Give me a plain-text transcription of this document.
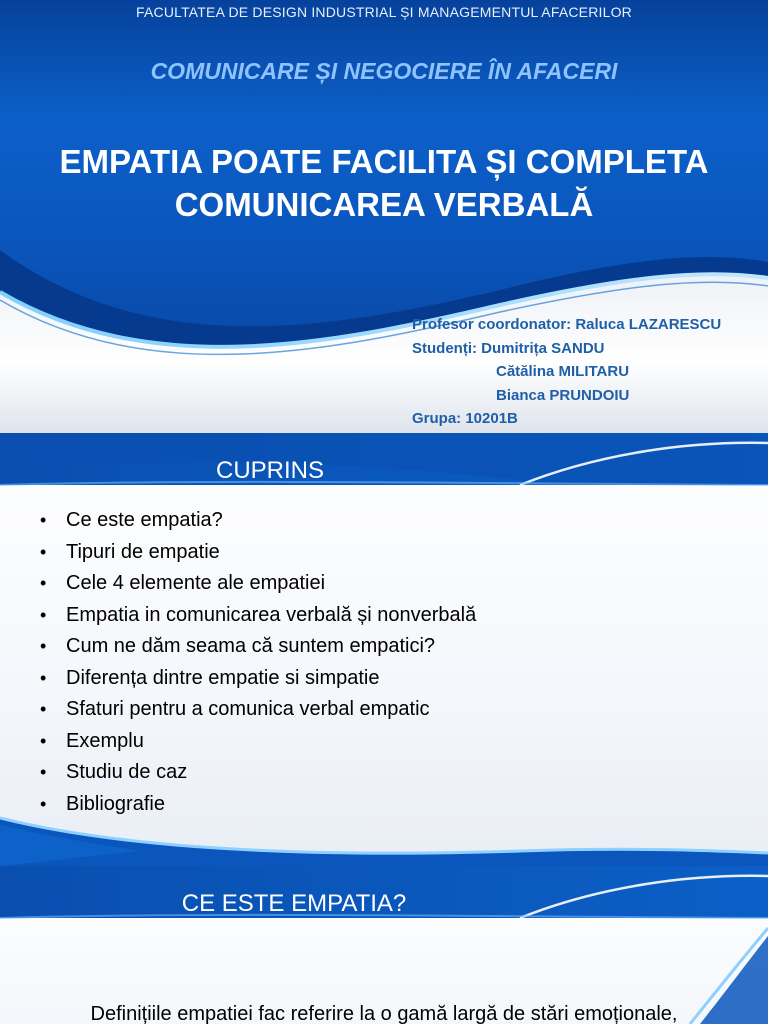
FACULTATEA DE DESIGN INDUSTRIAL ȘI MANAGEMENTUL AFACERILOR
COMUNICARE ȘI NEGOCIERE ÎN AFACERI
EMPATIA POATE FACILITA ȘI COMPLETA
COMUNICAREA VERBALĂ
Profesor coordonator: Raluca LAZARESCU
Studenți: Dumitrița SANDU
Cătălina MILITARU
Bianca PRUNDOIU
Grupa: 10201B
CUPRINS
• Ce este empatia?
• Tipuri de empatie
• Cele 4 elemente ale empatiei
• Empatia in comunicarea verbală și nonverbală
• Cum ne dăm seama că suntem empatici?
• Diferența dintre empatie si simpatie
• Sfaturi pentru a comunica verbal empatic
• Exemplu
• Studiu de caz
• Bibliografie
CE ESTE EMPATIA?
Definițiile empatiei fac referire la o gamă largă de stări emoționale,
